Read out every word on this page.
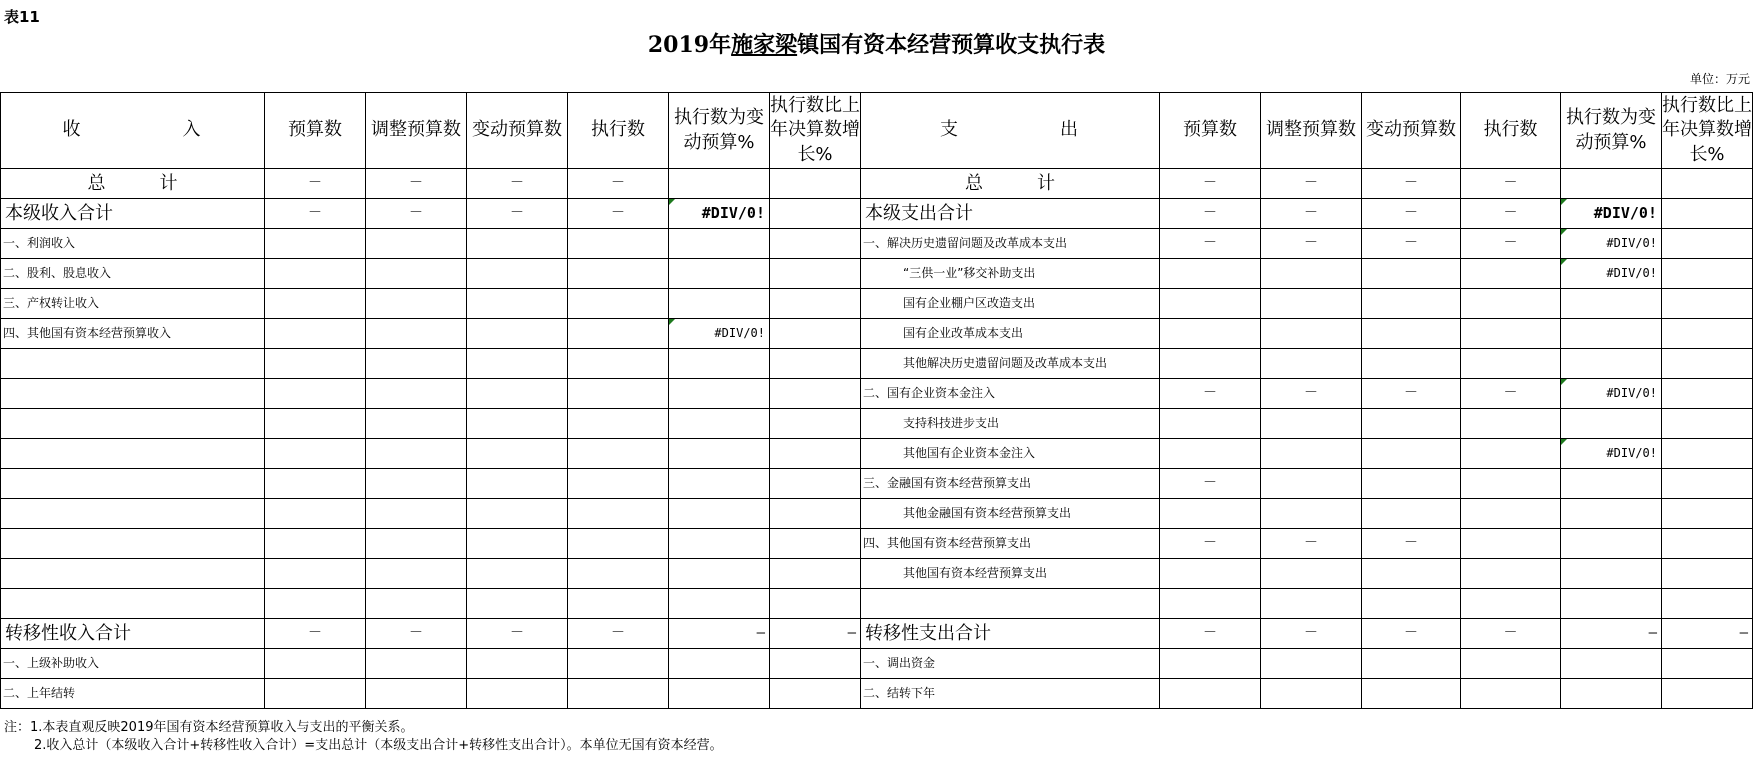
表11
2019年施家梁镇国有资本经营预算收支执行表
单位：万元
收　入	预算数	调整预算数	变动预算数	执行数	执行数为变动预算%	执行数比上年决算数增长%	支　出	预算数	调整预算数	变动预算数	执行数	执行数为变动预算%	执行数比上年决算数增长%
总　计	－	－	－	－			总　计	－	－	－	－		
本级收入合计	－	－	－	－	#DIV/0!		本级支出合计	－	－	－	－	#DIV/0!	
一、利润收入							一、解决历史遗留问题及改革成本支出	－	－	－	－	#DIV/0!	
二、股利、股息收入							“三供一业”移交补助支出					#DIV/0!	
三、产权转让收入							国有企业棚户区改造支出						
四、其他国有资本经营预算收入					#DIV/0!		国有企业改革成本支出						
							其他解决历史遗留问题及改革成本支出						
							二、国有企业资本金注入	－	－	－	－	#DIV/0!	
							支持科技进步支出						
							其他国有企业资本金注入					#DIV/0!	
							三、金融国有资本经营预算支出	－					
							其他金融国有资本经营预算支出						
							四、其他国有资本经营预算支出	－	－	－			
							其他国有资本经营预算支出						

转移性收入合计	－	－	－	－	—	—	转移性支出合计	－	－	－	－	—	—
一、上级补助收入							一、调出资金						
二、上年结转							二、结转下年						
注：1.本表直观反映2019年国有资本经营预算收入与支出的平衡关系。
2.收入总计（本级收入合计+转移性收入合计）=支出总计（本级支出合计+转移性支出合计）。本单位无国有资本经营。
